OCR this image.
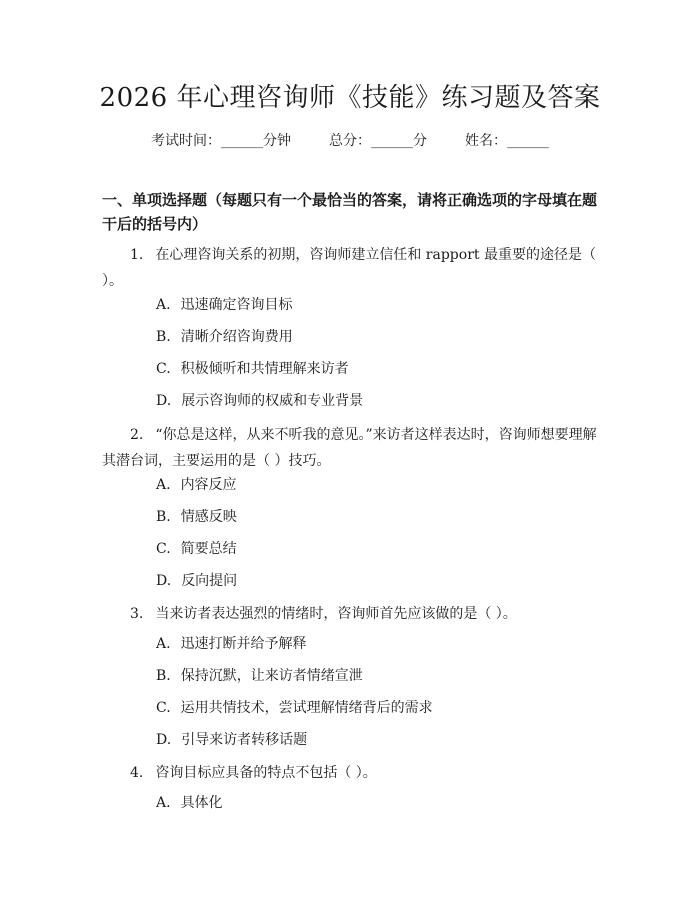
2026 年心理咨询师《技能》练习题及答案
考试时间：______分钟	总分：______分	姓名：______
一、单项选择题（每题只有一个最恰当的答案，请将正确选项的字母填在题干后的括号内）
1. 在心理咨询关系的初期，咨询师建立信任和 rapport 最重要的途径是（ ）。
A. 迅速确定咨询目标
B. 清晰介绍咨询费用
C. 积极倾听和共情理解来访者
D. 展示咨询师的权威和专业背景
2. “你总是这样，从来不听我的意见。”来访者这样表达时，咨询师想要理解其潜台词，主要运用的是（ ）技巧。
A. 内容反应
B. 情感反映
C. 简要总结
D. 反向提问
3. 当来访者表达强烈的情绪时，咨询师首先应该做的是（ ）。
A. 迅速打断并给予解释
B. 保持沉默，让来访者情绪宣泄
C. 运用共情技术，尝试理解情绪背后的需求
D. 引导来访者转移话题
4. 咨询目标应具备的特点不包括（ ）。
A. 具体化
